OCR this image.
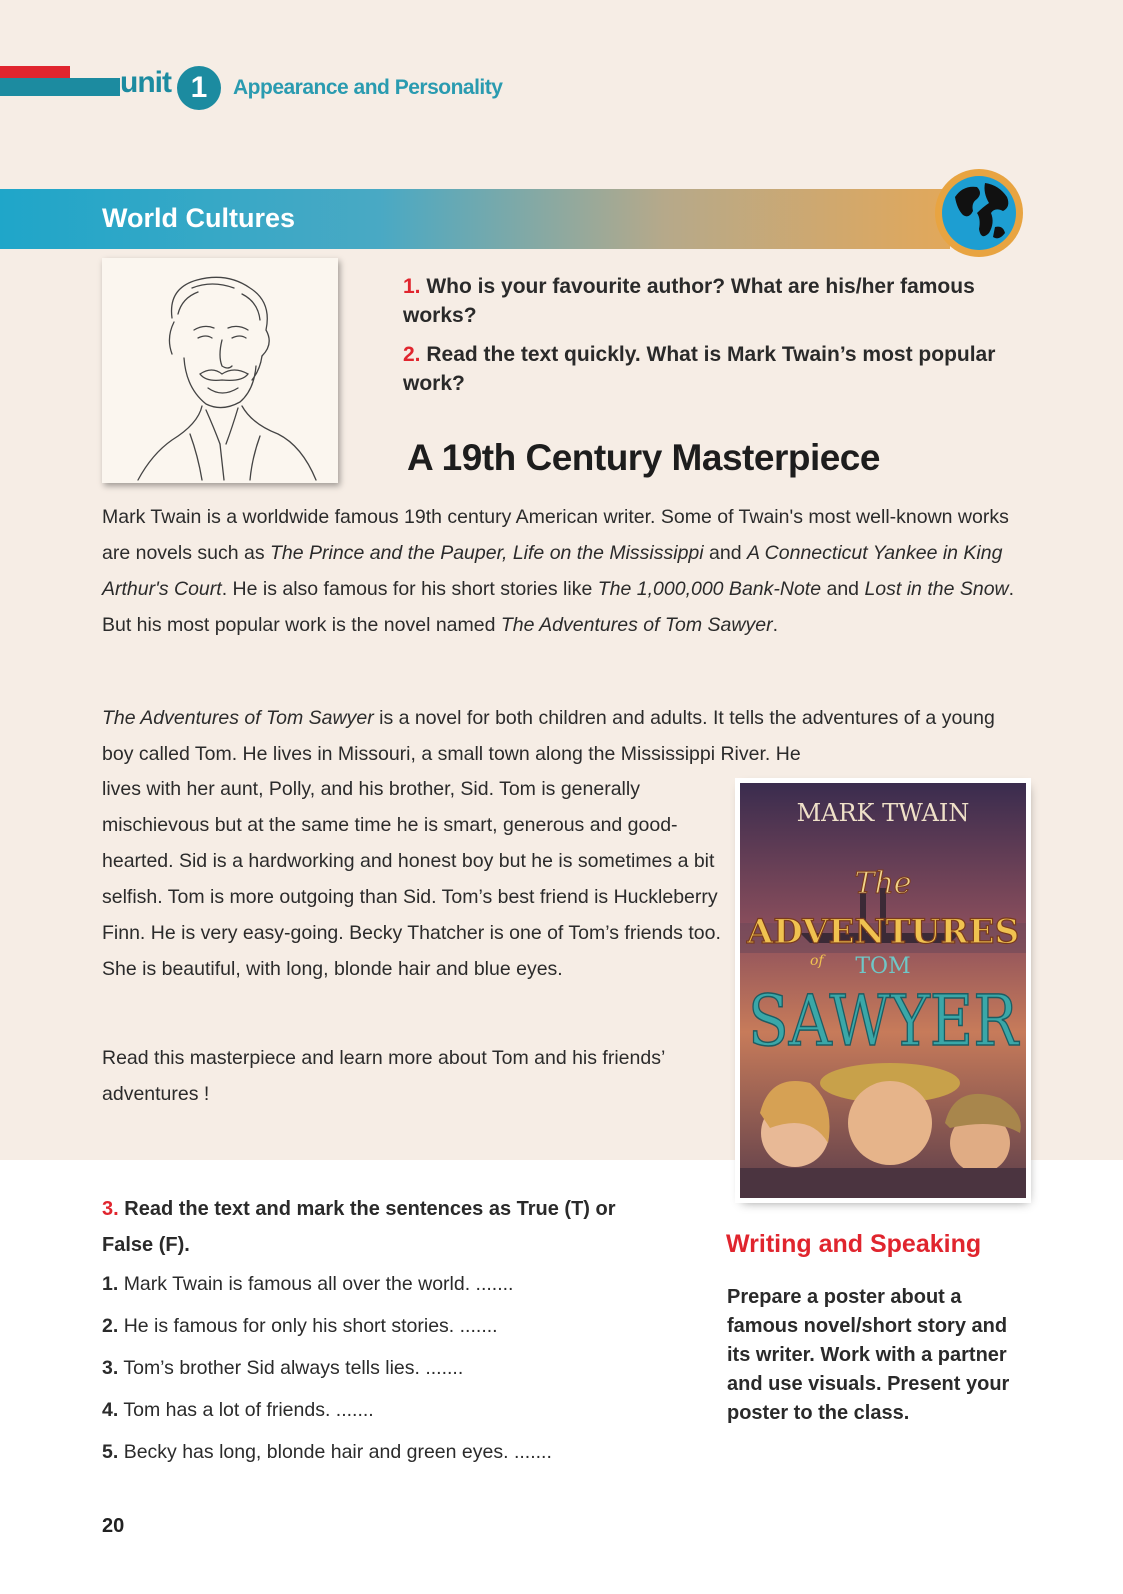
unit 1	Appearance and Personality
World Cultures
1. Who is your favourite author? What are his/her famous works?
2. Read the text quickly. What is Mark Twain’s most popular work?
A 19th Century Masterpiece
Mark Twain is a worldwide famous 19th century American writer. Some of Twain's most well-known works are novels such as The Prince and the Pauper, Life on the Mississippi and A Connecticut Yankee in King Arthur's Court. He is also famous for his short stories like The 1,000,000 Bank-Note and Lost in the Snow. But his most popular work is the novel named The Adventures of Tom Sawyer.
The Adventures of Tom Sawyer is a novel for both children and adults. It tells the adventures of a young boy called Tom. He lives in Missouri, a small town along the Mississippi River. He
lives with her aunt, Polly, and his brother, Sid. Tom is generally mischievous but at the same time he is smart, generous and good-hearted. Sid is a hardworking and honest boy but he is sometimes a bit selfish. Tom is more outgoing than Sid. Tom’s best friend is Huckleberry Finn. He is very easy-going. Becky Thatcher is one of Tom’s friends too. She is beautiful, with long, blonde hair and blue eyes.
Read this masterpiece and learn more about Tom and his friends’ adventures !
MARK TWAIN
The
ADVENTURES
of TOM
SAWYER
3. Read the text and mark the sentences as True (T) or False (F).
1. Mark Twain is famous all over the world. .......
2. He is famous for only his short stories. .......
3. Tom’s brother Sid always tells lies. .......
4. Tom has a lot of friends. .......
5. Becky has long, blonde hair and green eyes. .......
Writing and Speaking
Prepare a poster about a famous novel/short story and its writer. Work with a partner and use visuals. Present your poster to the class.
20
